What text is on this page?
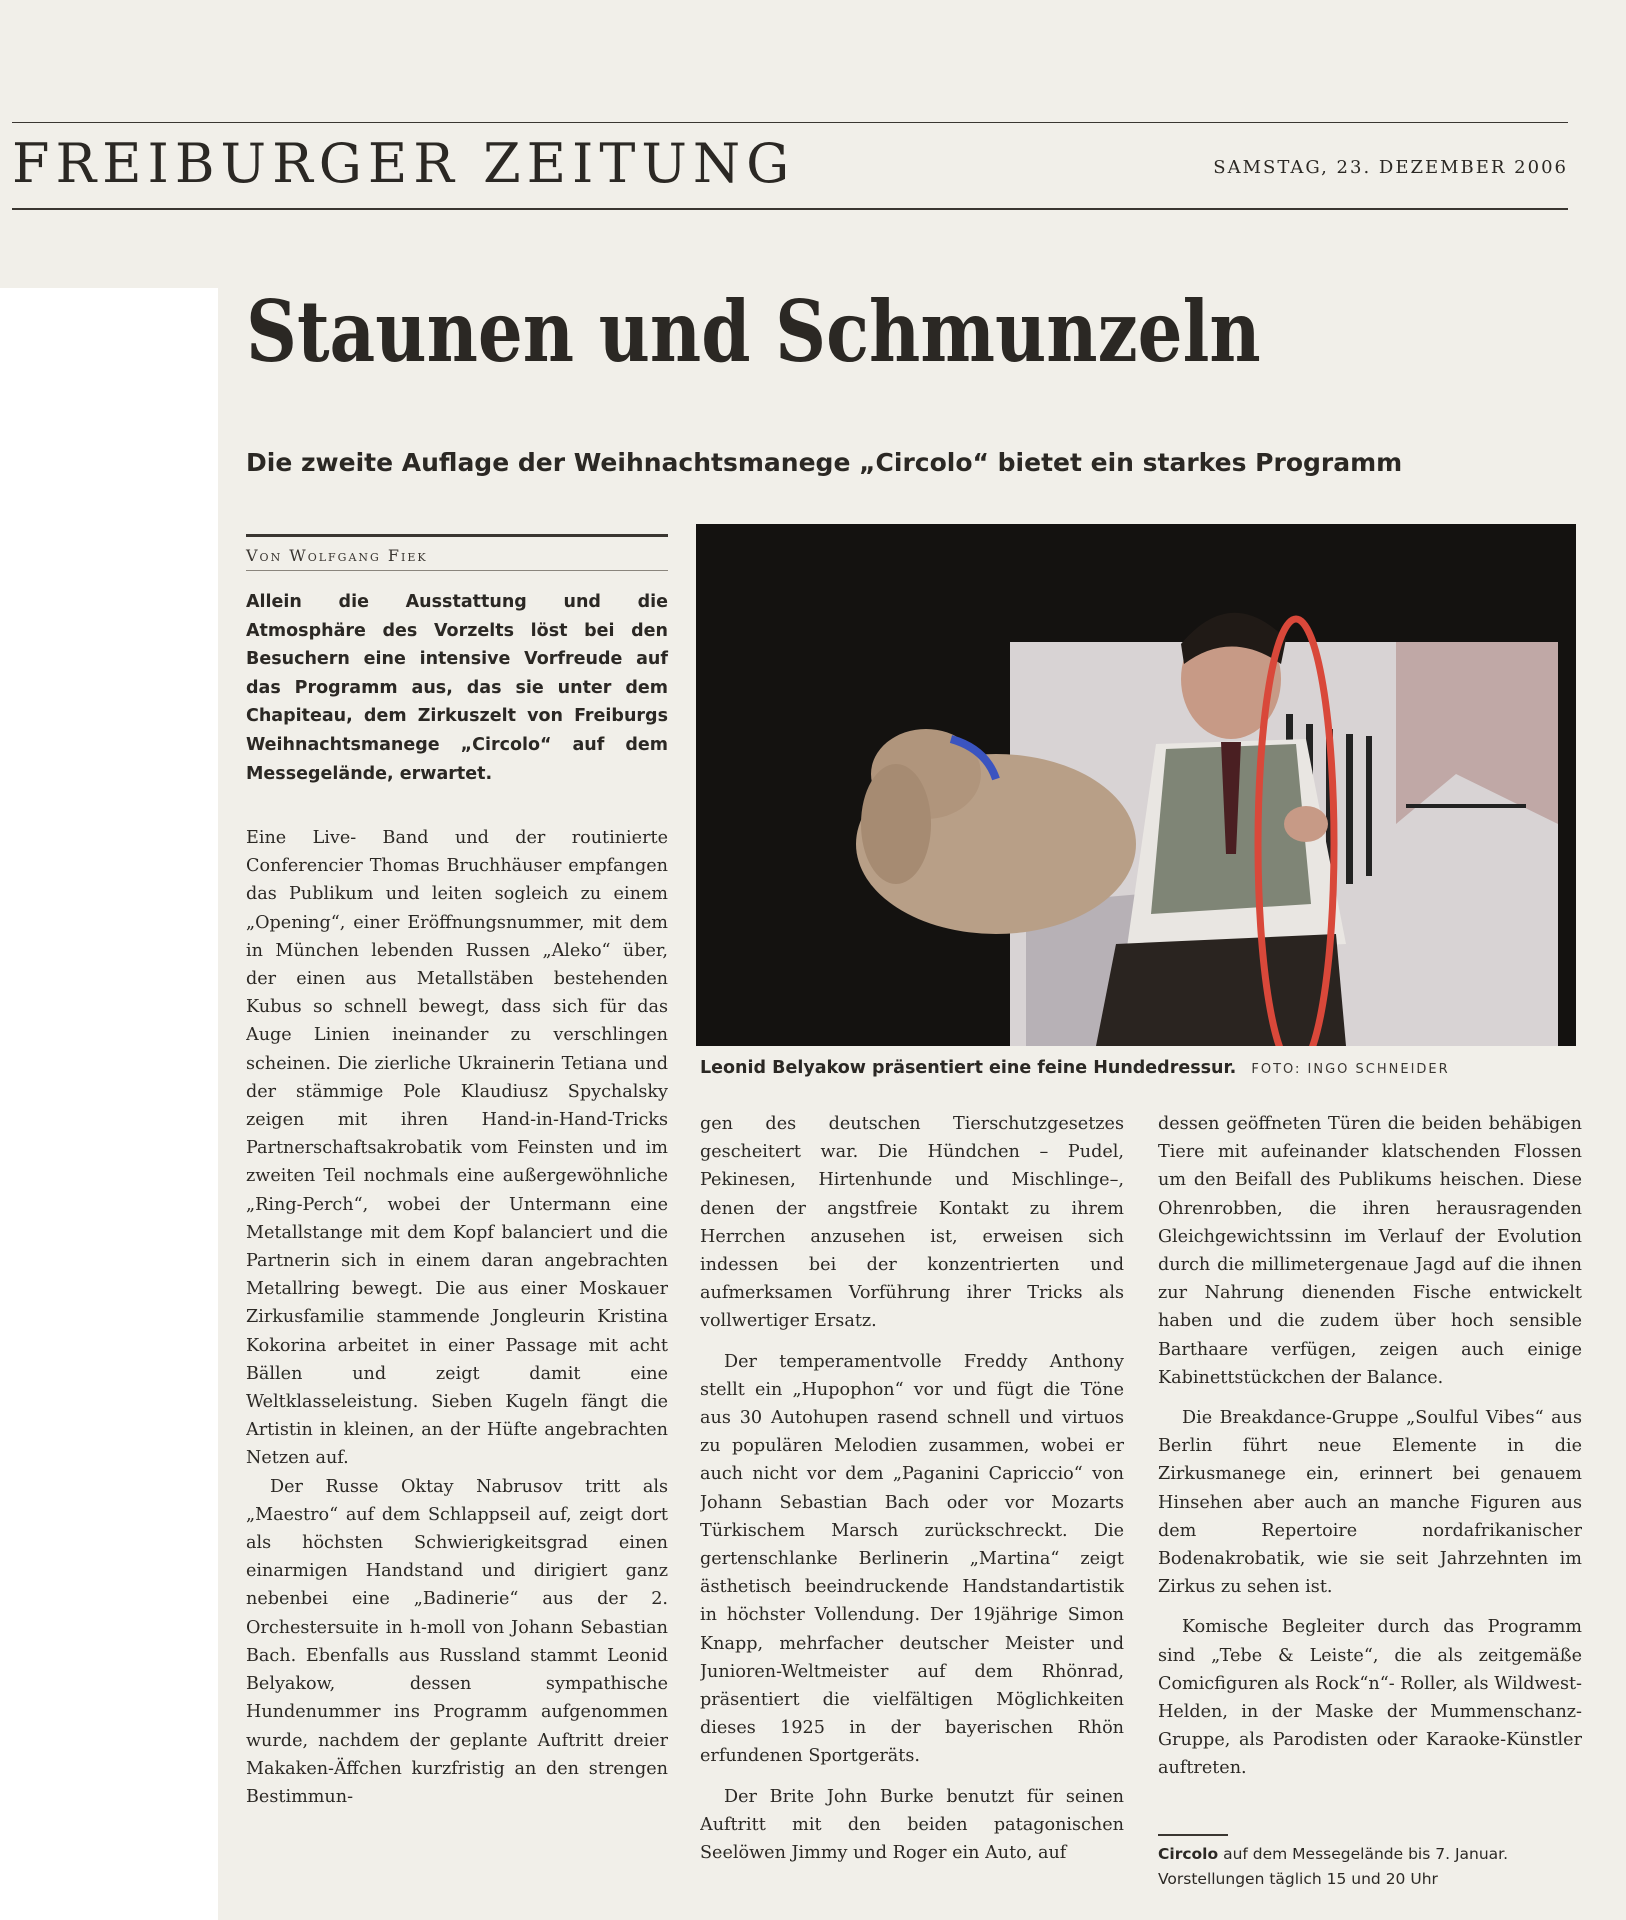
FREIBURGER ZEITUNG	SAMSTAG, 23. DEZEMBER 2006
Staunen und Schmunzeln
Die zweite Auflage der Weihnachtsmanege „Circolo“ bietet ein starkes Programm
Von Wolfgang Fiek
Allein die Ausstattung und die Atmosphäre des Vorzelts löst bei den Besuchern eine intensive Vorfreude auf das Programm aus, das sie unter dem Chapiteau, dem Zirkuszelt von Freiburgs Weihnachtsmanege „Circolo“ auf dem Messegelände, erwartet.

Eine Live- Band und der routinierte Conferencier Thomas Bruchhäuser empfangen das Publikum und leiten sogleich zu einem „Opening“, einer Eröffnungsnummer, mit dem in München lebenden Russen „Aleko“ über, der einen aus Metallstäben bestehenden Kubus so schnell bewegt, dass sich für das Auge Linien ineinander zu verschlingen scheinen. Die zierliche Ukrainerin Tetiana und der stämmige Pole Klaudiusz Spychalsky zeigen mit ihren Hand-in-Hand-Tricks Partnerschaftsakrobatik vom Feinsten und im zweiten Teil nochmals eine außergewöhnliche „Ring-Perch“, wobei der Untermann eine Metallstange mit dem Kopf balanciert und die Partnerin sich in einem daran angebrachten Metallring bewegt. Die aus einer Moskauer Zirkusfamilie stammende Jongleurin Kristina Kokorina arbeitet in einer Passage mit acht Bällen und zeigt damit eine Weltklasseleistung. Sieben Kugeln fängt die Artistin in kleinen, an der Hüfte angebrachten Netzen auf.

Der Russe Oktay Nabrusov tritt als „Maestro“ auf dem Schlappseil auf, zeigt dort als höchsten Schwierigkeitsgrad einen einarmigen Handstand und dirigiert ganz nebenbei eine „Badinerie“ aus der 2. Orchestersuite in h-moll von Johann Sebastian Bach. Ebenfalls aus Russland stammt Leonid Belyakow, dessen sympathische Hundenummer ins Programm aufgenommen wurde, nachdem der geplante Auftritt dreier Makaken-Äffchen kurzfristig an den strengen Bestimmun-

Leonid Belyakow präsentiert eine feine Hundedressur. FOTO: INGO SCHNEIDER

gen des deutschen Tierschutzgesetzes gescheitert war. Die Hündchen – Pudel, Pekinesen, Hirtenhunde und Mischlinge–, denen der angstfreie Kontakt zu ihrem Herrchen anzusehen ist, erweisen sich indessen bei der konzentrierten und aufmerksamen Vorführung ihrer Tricks als vollwertiger Ersatz.

Der temperamentvolle Freddy Anthony stellt ein „Hupophon“ vor und fügt die Töne aus 30 Autohupen rasend schnell und virtuos zu populären Melodien zusammen, wobei er auch nicht vor dem „Paganini Capriccio“ von Johann Sebastian Bach oder vor Mozarts Türkischem Marsch zurückschreckt. Die gertenschlanke Berlinerin „Martina“ zeigt ästhetisch beeindruckende Handstandartistik in höchster Vollendung. Der 19jährige Simon Knapp, mehrfacher deutscher Meister und Junioren-Weltmeister auf dem Rhönrad, präsentiert die vielfältigen Möglichkeiten dieses 1925 in der bayerischen Rhön erfundenen Sportgeräts.

Der Brite John Burke benutzt für seinen Auftritt mit den beiden patagonischen Seelöwen Jimmy und Roger ein Auto, auf

dessen geöffneten Türen die beiden behäbigen Tiere mit aufeinander klatschenden Flossen um den Beifall des Publikums heischen. Diese Ohrenrobben, die ihren herausragenden Gleichgewichtssinn im Verlauf der Evolution durch die millimetergenaue Jagd auf die ihnen zur Nahrung dienenden Fische entwickelt haben und die zudem über hoch sensible Barthaare verfügen, zeigen auch einige Kabinettstückchen der Balance.

Die Breakdance-Gruppe „Soulful Vibes“ aus Berlin führt neue Elemente in die Zirkusmanege ein, erinnert bei genauem Hinsehen aber auch an manche Figuren aus dem Repertoire nordafrikanischer Bodenakrobatik, wie sie seit Jahrzehnten im Zirkus zu sehen ist.

Komische Begleiter durch das Programm sind „Tebe & Leiste“, die als zeitgemäße Comicfiguren als Rock“n“- Roller, als Wildwest-Helden, in der Maske der Mummenschanz-Gruppe, als Parodisten oder Karaoke-Künstler auftreten.

Circolo auf dem Messegelände bis 7. Januar.
Vorstellungen täglich 15 und 20 Uhr
